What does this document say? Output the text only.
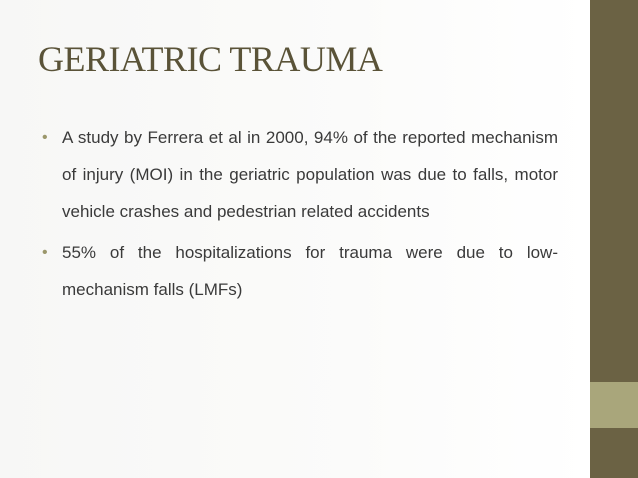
GERIATRIC TRAUMA
• A study by Ferrera et al in 2000, 94% of the reported mechanism of injury (MOI) in the geriatric population was due to falls, motor vehicle crashes and pedestrian related accidents
• 55% of the hospitalizations for trauma were due to low-mechanism falls (LMFs)
